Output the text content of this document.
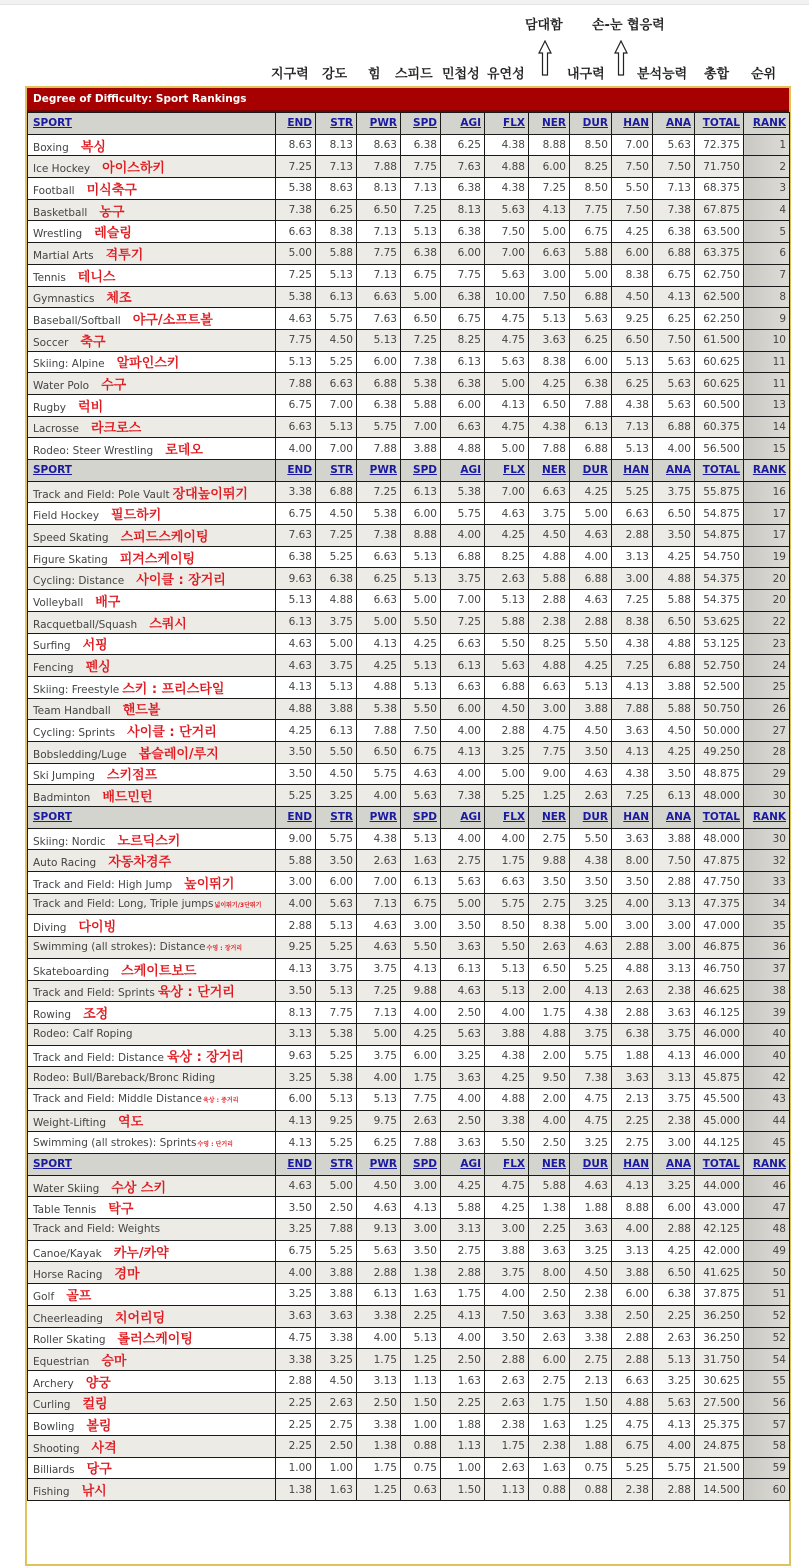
담대함 손-눈 협응력
지구력 강도 힘 스피드 민첩성 유연성	내구력 분석능력 총합 순위
Degree of Difficulty: Sport Rankings
SPORT	END	STR	PWR	SPD	AGI	FLX	NER	DUR	HAN	ANA	TOTAL	RANK
Boxing 복싱	8.63	8.13	8.63	6.38	6.25	4.38	8.88	8.50	7.00	5.63	72.375	1
Ice Hockey 아이스하키	7.25	7.13	7.88	7.75	7.63	4.88	6.00	8.25	7.50	7.50	71.750	2
Football 미식축구	5.38	8.63	8.13	7.13	6.38	4.38	7.25	8.50	5.50	7.13	68.375	3
Basketball 농구	7.38	6.25	6.50	7.25	8.13	5.63	4.13	7.75	7.50	7.38	67.875	4
Wrestling 레슬링	6.63	8.38	7.13	5.13	6.38	7.50	5.00	6.75	4.25	6.38	63.500	5
Martial Arts 격투기	5.00	5.88	7.75	6.38	6.00	7.00	6.63	5.88	6.00	6.88	63.375	6
Tennis 테니스	7.25	5.13	7.13	6.75	7.75	5.63	3.00	5.00	8.38	6.75	62.750	7
Gymnastics 체조	5.38	6.13	6.63	5.00	6.38	10.00	7.50	6.88	4.50	4.13	62.500	8
Baseball/Softball 야구/소프트볼	4.63	5.75	7.63	6.50	6.75	4.75	5.13	5.63	9.25	6.25	62.250	9
Soccer 축구	7.75	4.50	5.13	7.25	8.25	4.75	3.63	6.25	6.50	7.50	61.500	10
Skiing: Alpine 알파인스키	5.13	5.25	6.00	7.38	6.13	5.63	8.38	6.00	5.13	5.63	60.625	11
Water Polo 수구	7.88	6.63	6.88	5.38	6.38	5.00	4.25	6.38	6.25	5.63	60.625	11
Rugby 럭비	6.75	7.00	6.38	5.88	6.00	4.13	6.50	7.88	4.38	5.63	60.500	13
Lacrosse 라크로스	6.63	5.13	5.75	7.00	6.63	4.75	4.38	6.13	7.13	6.88	60.375	14
Rodeo: Steer Wrestling 로데오	4.00	7.00	7.88	3.88	4.88	5.00	7.88	6.88	5.13	4.00	56.500	15
SPORT	END	STR	PWR	SPD	AGI	FLX	NER	DUR	HAN	ANA	TOTAL	RANK
Track and Field: Pole Vault 장대높이뛰기	3.38	6.88	7.25	6.13	5.38	7.00	6.63	4.25	5.25	3.75	55.875	16
Field Hockey 필드하키	6.75	4.50	5.38	6.00	5.75	4.63	3.75	5.00	6.63	6.50	54.875	17
Speed Skating 스피드스케이팅	7.63	7.25	7.38	8.88	4.00	4.25	4.50	4.63	2.88	3.50	54.875	17
Figure Skating 피겨스케이팅	6.38	5.25	6.63	5.13	6.88	8.25	4.88	4.00	3.13	4.25	54.750	19
Cycling: Distance 사이클 : 장거리	9.63	6.38	6.25	5.13	3.75	2.63	5.88	6.88	3.00	4.88	54.375	20
Volleyball 배구	5.13	4.88	6.63	5.00	7.00	5.13	2.88	4.63	7.25	5.88	54.375	20
Racquetball/Squash 스쿼시	6.13	3.75	5.00	5.50	7.25	5.88	2.38	2.88	8.38	6.50	53.625	22
Surfing 서핑	4.63	5.00	4.13	4.25	6.63	5.50	8.25	5.50	4.38	4.88	53.125	23
Fencing 펜싱	4.63	3.75	4.25	5.13	6.13	5.63	4.88	4.25	7.25	6.88	52.750	24
Skiing: Freestyle 스키 : 프리스타일	4.13	5.13	4.88	5.13	6.63	6.88	6.63	5.13	4.13	3.88	52.500	25
Team Handball 핸드볼	4.88	3.88	5.38	5.50	6.00	4.50	3.00	3.88	7.88	5.88	50.750	26
Cycling: Sprints 사이클 : 단거리	4.25	6.13	7.88	7.50	4.00	2.88	4.75	4.50	3.63	4.50	50.000	27
Bobsledding/Luge 봅슬레이/루지	3.50	5.50	6.50	6.75	4.13	3.25	7.75	3.50	4.13	4.25	49.250	28
Ski Jumping 스키점프	3.50	4.50	5.75	4.63	4.00	5.00	9.00	4.63	4.38	3.50	48.875	29
Badminton 배드민턴	5.25	3.25	4.00	5.63	7.38	5.25	1.25	2.63	7.25	6.13	48.000	30
SPORT	END	STR	PWR	SPD	AGI	FLX	NER	DUR	HAN	ANA	TOTAL	RANK
Skiing: Nordic 노르딕스키	9.00	5.75	4.38	5.13	4.00	4.00	2.75	5.50	3.63	3.88	48.000	30
Auto Racing 자동차경주	5.88	3.50	2.63	1.63	2.75	1.75	9.88	4.38	8.00	7.50	47.875	32
Track and Field: High Jump 높이뛰기	3.00	6.00	7.00	6.13	5.63	6.63	3.50	3.50	3.50	2.88	47.750	33
Track and Field: Long, Triple jumps넓이뛰기/3단뛰기	4.00	5.63	7.13	6.75	5.00	5.75	2.75	3.25	4.00	3.13	47.375	34
Diving 다이빙	2.88	5.13	4.63	3.00	3.50	8.50	8.38	5.00	3.00	3.00	47.000	35
Swimming (all strokes): Distance수영 : 장거리	9.25	5.25	4.63	5.50	3.63	5.50	2.63	4.63	2.88	3.00	46.875	36
Skateboarding 스케이트보드	4.13	3.75	3.75	4.13	6.13	5.13	6.50	5.25	4.88	3.13	46.750	37
Track and Field: Sprints 육상 : 단거리	3.50	5.13	7.25	9.88	4.63	5.13	2.00	4.13	2.63	2.38	46.625	38
Rowing 조정	8.13	7.75	7.13	4.00	2.50	4.00	1.75	4.38	2.88	3.63	46.125	39
Rodeo: Calf Roping	3.13	5.38	5.00	4.25	5.63	3.88	4.88	3.75	6.38	3.75	46.000	40
Track and Field: Distance 육상 : 장거리	9.63	5.25	3.75	6.00	3.25	4.38	2.00	5.75	1.88	4.13	46.000	40
Rodeo: Bull/Bareback/Bronc Riding	3.25	5.38	4.00	1.75	3.63	4.25	9.50	7.38	3.63	3.13	45.875	42
Track and Field: Middle Distance육상 : 중거리	6.00	5.13	5.13	7.75	4.00	4.88	2.00	4.75	2.13	3.75	45.500	43
Weight-Lifting 역도	4.13	9.25	9.75	2.63	2.50	3.38	4.00	4.75	2.25	2.38	45.000	44
Swimming (all strokes): Sprints수영 : 단거리	4.13	5.25	6.25	7.88	3.63	5.50	2.50	3.25	2.75	3.00	44.125	45
SPORT	END	STR	PWR	SPD	AGI	FLX	NER	DUR	HAN	ANA	TOTAL	RANK
Water Skiing 수상 스키	4.63	5.00	4.50	3.00	4.25	4.75	5.88	4.63	4.13	3.25	44.000	46
Table Tennis 탁구	3.50	2.50	4.63	4.13	5.88	4.25	1.38	1.88	8.88	6.00	43.000	47
Track and Field: Weights	3.25	7.88	9.13	3.00	3.13	3.00	2.25	3.63	4.00	2.88	42.125	48
Canoe/Kayak 카누/카약	6.75	5.25	5.63	3.50	2.75	3.88	3.63	3.25	3.13	4.25	42.000	49
Horse Racing 경마	4.00	3.88	2.88	1.38	2.88	3.75	8.00	4.50	3.88	6.50	41.625	50
Golf 골프	3.25	3.88	6.13	1.63	1.75	4.00	2.50	2.38	6.00	6.38	37.875	51
Cheerleading 치어리딩	3.63	3.63	3.38	2.25	4.13	7.50	3.63	3.38	2.50	2.25	36.250	52
Roller Skating 롤러스케이팅	4.75	3.38	4.00	5.13	4.00	3.50	2.63	3.38	2.88	2.63	36.250	52
Equestrian 승마	3.38	3.25	1.75	1.25	2.50	2.88	6.00	2.75	2.88	5.13	31.750	54
Archery 양궁	2.88	4.50	3.13	1.13	1.63	2.63	2.75	2.13	6.63	3.25	30.625	55
Curling 컬링	2.25	2.63	2.50	1.50	2.25	2.63	1.75	1.50	4.88	5.63	27.500	56
Bowling 볼링	2.25	2.75	3.38	1.00	1.88	2.38	1.63	1.25	4.75	4.13	25.375	57
Shooting 사격	2.25	2.50	1.38	0.88	1.13	1.75	2.38	1.88	6.75	4.00	24.875	58
Billiards 당구	1.00	1.00	1.75	0.75	1.00	2.63	1.63	0.75	5.25	5.75	21.500	59
Fishing 낚시	1.38	1.63	1.25	0.63	1.50	1.13	0.88	0.88	2.38	2.88	14.500	60
